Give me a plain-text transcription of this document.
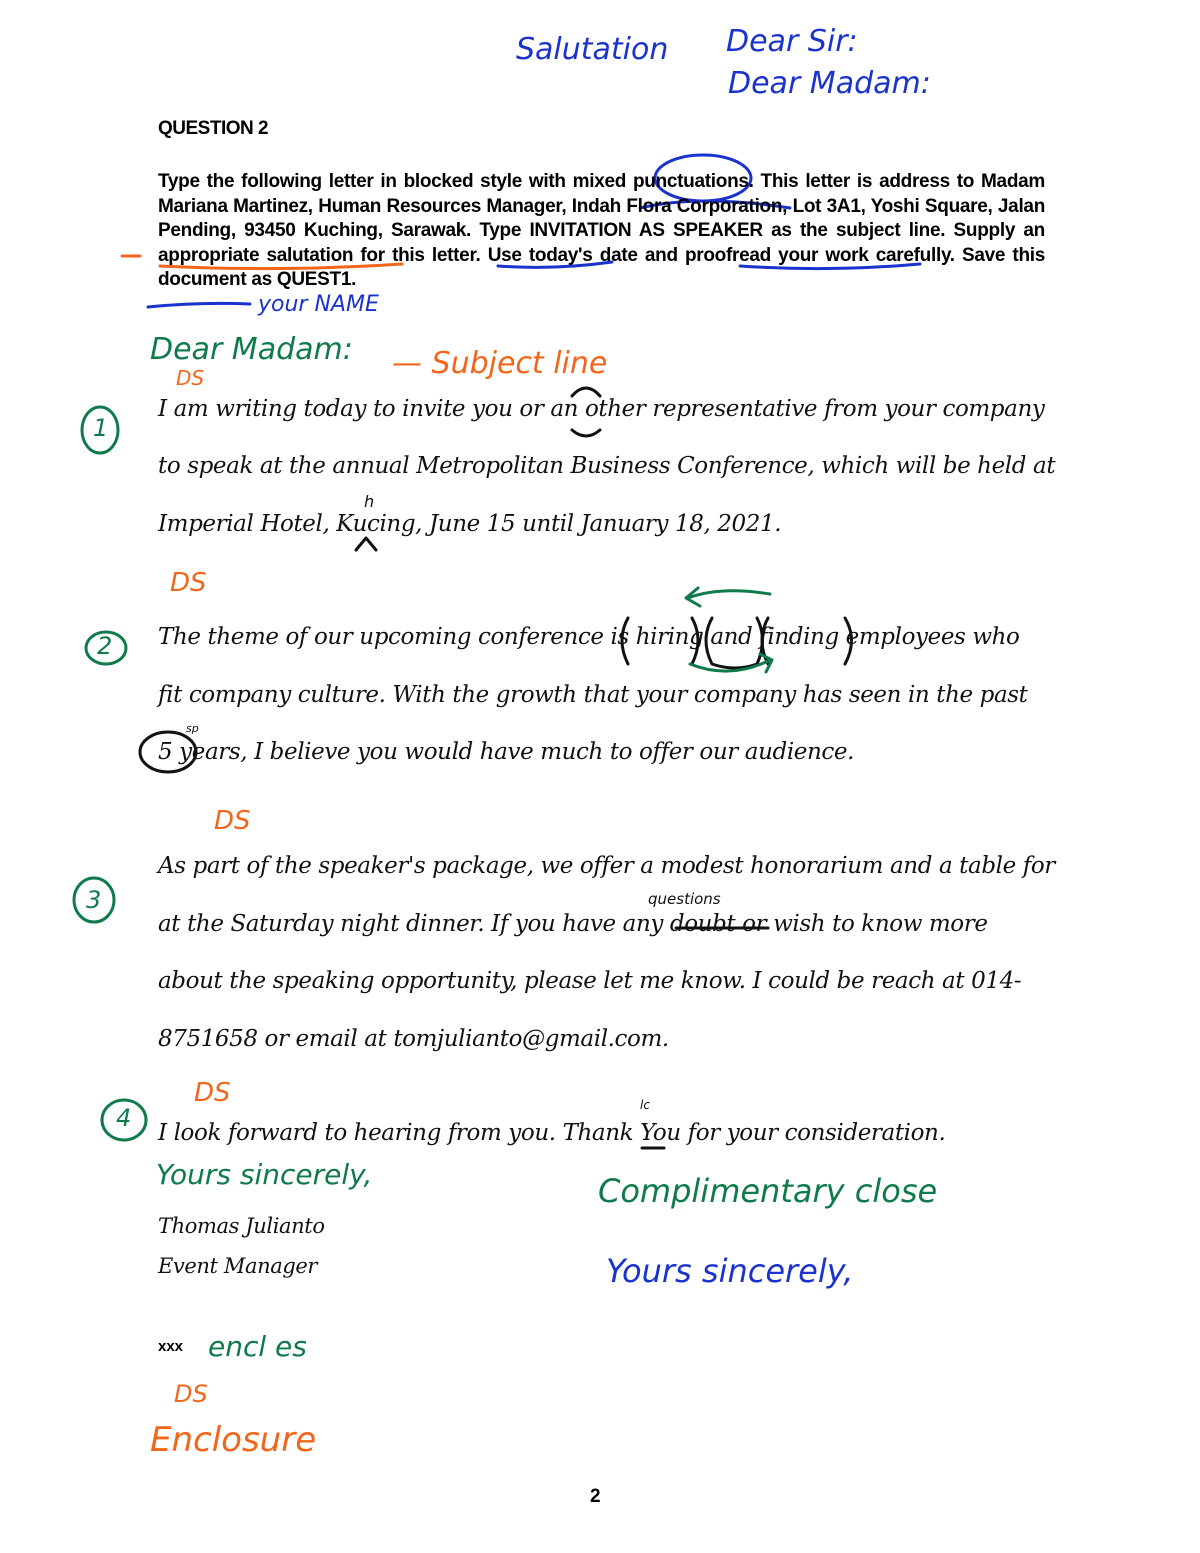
Salutation Dear Sir:
Dear Madam:
QUESTION 2
Type the following letter in blocked style with mixed punctuations. This letter is address to Madam Mariana Martinez, Human Resources Manager, Indah Flora Corporation, Lot 3A1, Yoshi Square, Jalan Pending, 93450 Kuching, Sarawak. Type INVITATION AS SPEAKER as the subject line. Supply an appropriate salutation for this letter. Use today's date and proofread your work carefully. Save this document as QUEST1.
your NAME
Dear Madam: — Subject line
DS
1
I am writing today to invite you or an other representative from your company
to speak at the annual Metropolitan Business Conference, which will be held at
h
Imperial Hotel, Kucing, June 15 until January 18, 2021.
DS
2 The theme of our upcoming conference is hiring and finding employees who
fit company culture. With the growth that your company has seen in the past
sp
5 years, I believe you would have much to offer our audience.
DS
3
As part of the speaker's package, we offer a modest honorarium and a table for
questions
at the Saturday night dinner. If you have any doubt or wish to know more
about the speaking opportunity, please let me know. I could be reach at 014-
8751658 or email at tomjulianto@gmail.com.
DS
4	lc
I look forward to hearing from you. Thank You for your consideration.
Yours sincerely,	Complimentary close
Thomas Julianto
Event Manager	Yours sincerely,
xxx encl es
DS
Enclosure
2
